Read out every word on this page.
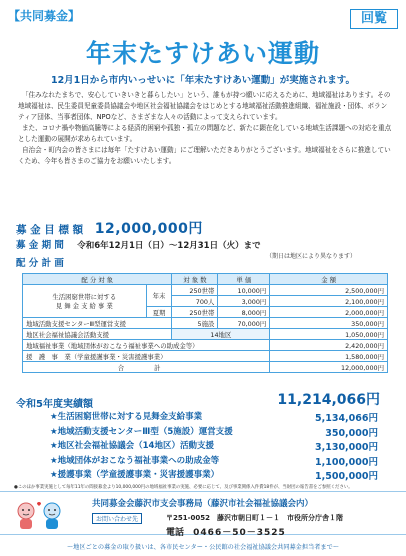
【共同募金】	回覧
年末たすけあい運動
12月1日から市内いっせいに「年末たすけあい運動」が実施されます。

「住みなれたまちで、安心していきいきと暮らしたい」という、誰もが持つ願いに応えるために、地域福祉はあります。その地域福祉は、民生委員児童委員協議会や地区社会福祉協議会をはじめとする地域福祉活動推進組織、福祉施設・団体、ボランティア団体、当事者団体、NPOなど、さまざまな人々の活動によって支えられています。

また、コロナ禍や物価高騰等による経済的困窮や孤独・孤立の問題など、新たに顕在化している地域生活課題への対応を重点とした運動の展開が求められています。

自治会・町内会の皆さまには毎年「たすけあい運動」にご理解いただきありがとうございます。地域福祉をさらに推進していくため、今年も皆さまのご協力をお願いいたします。

募 金 目 標 額 12,000,000円
募 金 期 間 令和6年12月1日（日）～12月31日（火）まで
（期日は地区により異なります）
配 分 計 画
配 分 対 象		対 象 数	単 価	金 額

生活困窮世帯に対する
見 舞 金 支 給 事 業	年末	250世帯	10,000円	2,500,000円
		700人	3,000円	2,100,000円
	夏期	250世帯	8,000円	2,000,000円
地域活動支援センターⅢ型運営支援		5施設	70,000円	350,000円
地区社会福祉協議会活動支援		14地区		1,050,000円
地域福祉事業（地域団体がおこなう福祉事業への助成金等）				2,420,000円
援　護　事　業（学童援護事業・災害援護事業）				1,580,000円
合 計				12,000,000円
令和5年度実績額	11,214,066円
★生活困窮世帯に対する見舞金支給事業	5,134,066円
★地域活動支援センターⅢ型（5施設）運営支援	350,000円
★地区社会福祉協議会（14地区）活動支援	3,130,000円
★地域団体がおこなう福祉事業への助成金等	1,100,000円
★援護事業（学童援護事業・災害援護事業）	1,500,000円
●このほか事業実施として毎年11年の間接募金より10,000,000円の地域福祉事業の実施、必要に応じて、及び事業関係入件費18件が、当財団の報告書をご参照ください。
共同募金会藤沢市支会事務局（藤沢市社会福祉協議会内）
お問い合わせ先	〒251-0052　藤沢市朝日町１－１　市役所分庁舎１階
電話 0466－50－3525
～地区ごとの募金の取り扱いは、各市民センター・公民館の社会福祉協議会共同募金担当者まで～
